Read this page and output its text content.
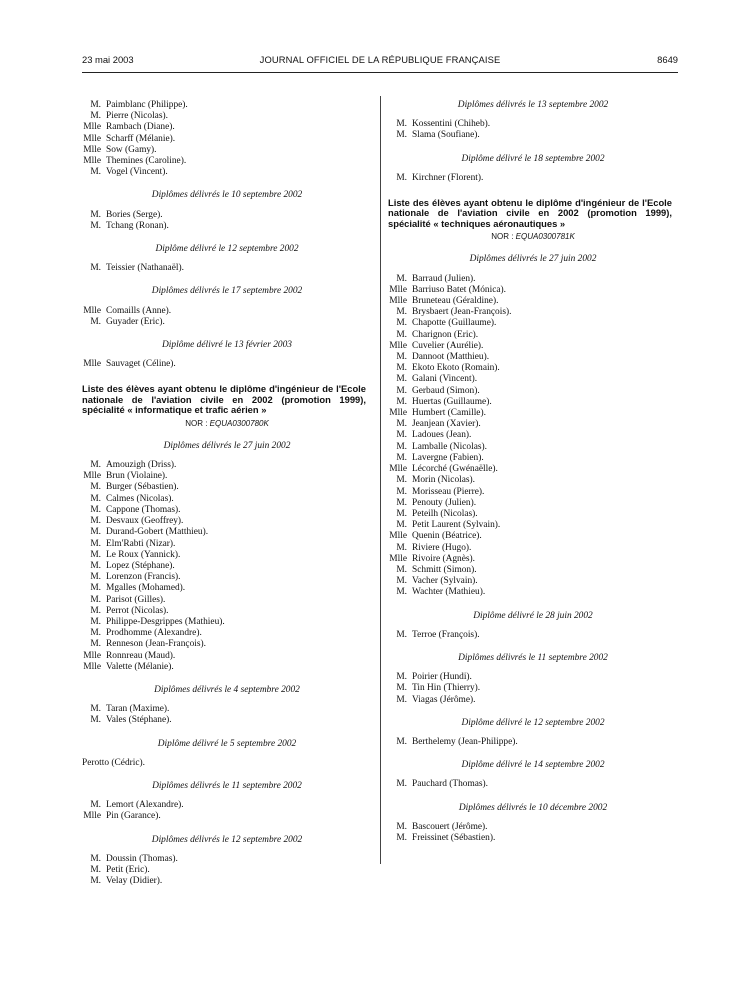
23 mai 2003	JOURNAL OFFICIEL DE LA RÉPUBLIQUE FRANÇAISE	8649
M. Paimblanc (Philippe).
M. Pierre (Nicolas).
Mlle Rambach (Diane).
Mlle Scharff (Mélanie).
Mlle Sow (Gamy).
Mlle Themines (Caroline).
M. Vogel (Vincent).
Diplômes délivrés le 10 septembre 2002
M. Bories (Serge).
M. Tchang (Ronan).
Diplôme délivré le 12 septembre 2002
M. Teissier (Nathanaël).
Diplômes délivrés le 17 septembre 2002
Mlle Comaills (Anne).
M. Guyader (Eric).
Diplôme délivré le 13 février 2003
Mlle Sauvaget (Céline).
Liste des élèves ayant obtenu le diplôme d'ingénieur de l'Ecole nationale de l'aviation civile en 2002 (promotion 1999), spécialité « informatique et trafic aérien »
NOR : EQUA0300780K
Diplômes délivrés le 27 juin 2002
M. Amouzigh (Driss).
Mlle Brun (Violaine).
M. Burger (Sébastien).
M. Calmes (Nicolas).
M. Cappone (Thomas).
M. Desvaux (Geoffrey).
M. Durand-Gobert (Matthieu).
M. Elm'Rabti (Nizar).
M. Le Roux (Yannick).
M. Lopez (Stéphane).
M. Lorenzon (Francis).
M. Mgalles (Mohamed).
M. Parisot (Gilles).
M. Perrot (Nicolas).
M. Philippe-Desgrippes (Mathieu).
M. Prodhomme (Alexandre).
M. Renneson (Jean-François).
Mlle Ronnreau (Maud).
Mlle Valette (Mélanie).
Diplômes délivrés le 4 septembre 2002
M. Taran (Maxime).
M. Vales (Stéphane).
Diplôme délivré le 5 septembre 2002
Perotto (Cédric).
Diplômes délivrés le 11 septembre 2002
M. Lemort (Alexandre).
Mlle Pin (Garance).
Diplômes délivrés le 12 septembre 2002
M. Doussin (Thomas).
M. Petit (Eric).
M. Velay (Didier).
Diplômes délivrés le 13 septembre 2002
M. Kossentini (Chiheb).
M. Slama (Soufiane).
Diplôme délivré le 18 septembre 2002
M. Kirchner (Florent).
Liste des élèves ayant obtenu le diplôme d'ingénieur de l'Ecole nationale de l'aviation civile en 2002 (promotion 1999), spécialité « techniques aéronautiques »
NOR : EQUA0300781K
Diplômes délivrés le 27 juin 2002
M. Barraud (Julien).
Mlle Barriuso Batet (Mónica).
Mlle Bruneteau (Géraldine).
M. Brysbaert (Jean-François).
M. Chapotte (Guillaume).
M. Charignon (Eric).
Mlle Cuvelier (Aurélie).
M. Dannoot (Matthieu).
M. Ekoto Ekoto (Romain).
M. Galani (Vincent).
M. Gerbaud (Simon).
M. Huertas (Guillaume).
Mlle Humbert (Camille).
M. Jeanjean (Xavier).
M. Ladoues (Jean).
M. Lamballe (Nicolas).
M. Lavergne (Fabien).
Mlle Lécorché (Gwénaëlle).
M. Morin (Nicolas).
M. Morisseau (Pierre).
M. Penouty (Julien).
M. Peteilh (Nicolas).
M. Petit Laurent (Sylvain).
Mlle Quenin (Béatrice).
M. Riviere (Hugo).
Mlle Rivoire (Agnès).
M. Schmitt (Simon).
M. Vacher (Sylvain).
M. Wachter (Mathieu).
Diplôme délivré le 28 juin 2002
M. Terroe (François).
Diplômes délivrés le 11 septembre 2002
M. Poirier (Hundi).
M. Tin Hin (Thierry).
M. Viagas (Jérôme).
Diplôme délivré le 12 septembre 2002
M. Berthelemy (Jean-Philippe).
Diplôme délivré le 14 septembre 2002
M. Pauchard (Thomas).
Diplômes délivrés le 10 décembre 2002
M. Bascouert (Jérôme).
M. Freissinet (Sébastien).
